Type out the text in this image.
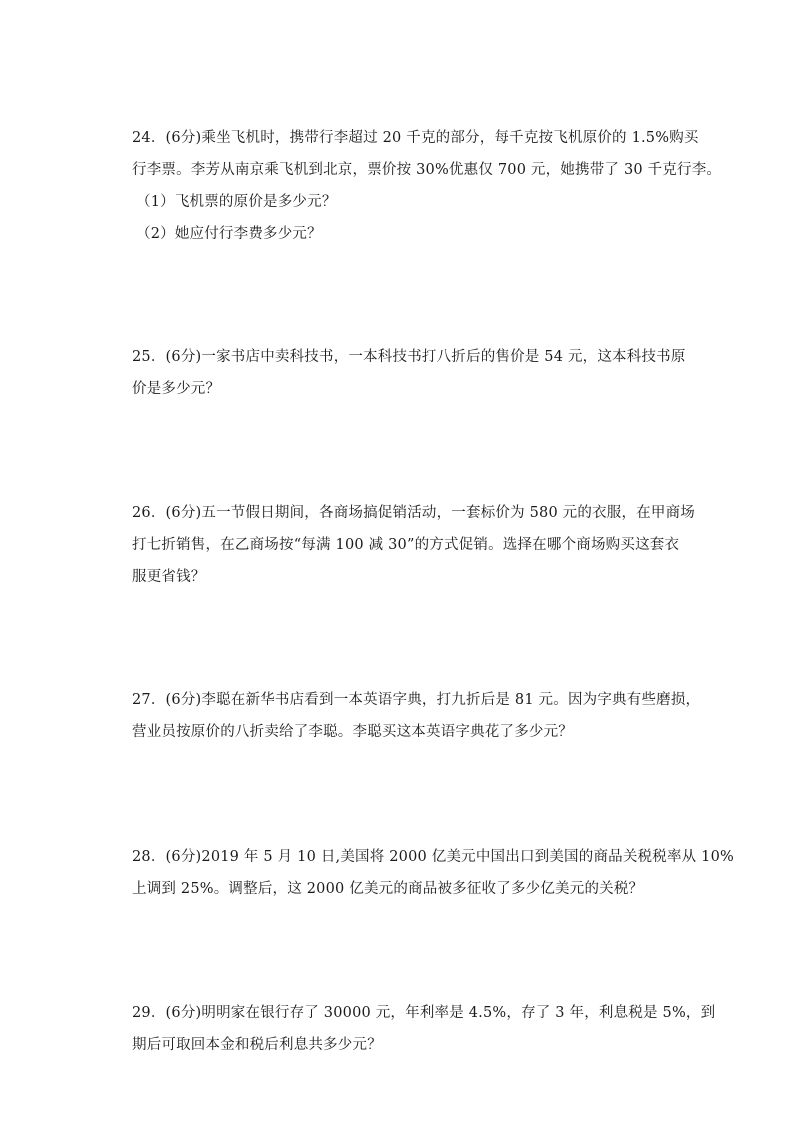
24．(6分)乘坐飞机时，携带行李超过 20 千克的部分，每千克按飞机原价的 1.5%购买
行李票。李芳从南京乘飞机到北京，票价按 30%优惠仅 700 元，她携带了 30 千克行李。
（1）飞机票的原价是多少元？
（2）她应付行李费多少元？
25．(6分)一家书店中卖科技书，一本科技书打八折后的售价是 54 元，这本科技书原
价是多少元？
26．(6分)五一节假日期间，各商场搞促销活动，一套标价为 580 元的衣服，在甲商场
打七折销售，在乙商场按“每满 100 减 30”的方式促销。选择在哪个商场购买这套衣
服更省钱？
27．(6分)李聪在新华书店看到一本英语字典，打九折后是 81 元。因为字典有些磨损，
营业员按原价的八折卖给了李聪。李聪买这本英语字典花了多少元？
28．(6分)2019 年 5 月 10 日,美国将 2000 亿美元中国出口到美国的商品关税税率从 10%
上调到 25%。调整后，这 2000 亿美元的商品被多征收了多少亿美元的关税？
29．(6分)明明家在银行存了 30000 元，年利率是 4.5%，存了 3 年，利息税是 5%，到
期后可取回本金和税后利息共多少元？
